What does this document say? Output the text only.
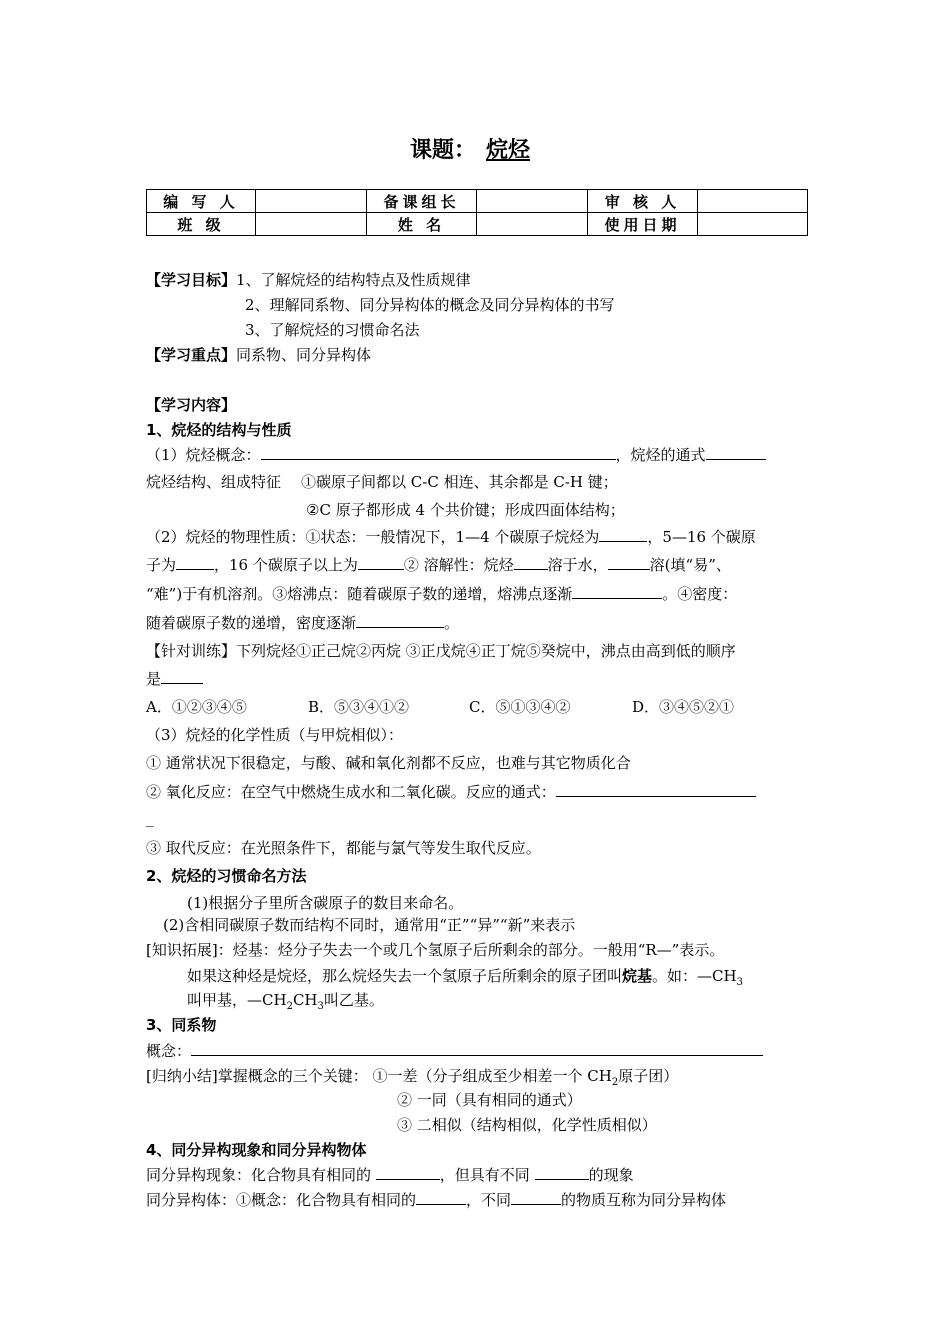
课题： 烷烃
编 写 人		备课组长		审 核 人	
班 级		姓 名		使用日期	
【学习目标】1、了解烷烃的结构特点及性质规律
2、理解同系物、同分异构体的概念及同分异构体的书写
3、了解烷烃的习惯命名法
【学习重点】同系物、同分异构体
【学习内容】
1、烷烃的结构与性质
（1）烷烃概念：	，烷烃的通式
烷烃结构、组成特征 ①碳原子间都以 C-C 相连、其余都是 C-H 键；
②C 原子都形成 4 个共价键；形成四面体结构；
（2）烷烃的物理性质：①状态：一般情况下，1—4 个碳原子烷烃为	，5—16 个碳原
子为	，16 个碳原子以上为	② 溶解性：烷烃 溶于水，	溶(填“易”、
“难”)于有机溶剂。③熔沸点：随着碳原子数的递增，熔沸点逐渐	。④密度：
随着碳原子数的递增，密度逐渐	。
【针对训练】下列烷烃①正己烷②丙烷 ③正戊烷④正丁烷⑤癸烷中，沸点由高到低的顺序
是
A．①②③④⑤	B．⑤③④①②	C．⑤①③④②	D．③④⑤②①
（3）烷烃的化学性质（与甲烷相似）：
① 通常状况下很稳定，与酸、碱和氧化剂都不反应，也难与其它物质化合
② 氧化反应：在空气中燃烧生成水和二氧化碳。反应的通式：
_
③ 取代反应：在光照条件下，都能与氯气等发生取代反应。
2、烷烃的习惯命名方法
(1)根据分子里所含碳原子的数目来命名。
(2)含相同碳原子数而结构不同时，通常用“正”“异”“新”来表示
[知识拓展]：烃基：烃分子失去一个或几个氢原子后所剩余的部分。一般用“R—”表示。
如果这种烃是烷烃，那么烷烃失去一个氢原子后所剩余的原子团叫烷基。如：$—CH_3$
叫甲基，$—CH_2CH_3$叫乙基。
3、同系物
概念：
[归纳小结]掌握概念的三个关键： ①一差（分子组成至少相差一个 $CH_2$原子团）
② 一同（具有相同的通式）
③ 二相似（结构相似，化学性质相似）
4、同分异构现象和同分异构物体
同分异构现象：化合物具有相同的	，但具有不同	的现象
同分异构体：①概念：化合物具有相同的	，不同	的物质互称为同分异构体
